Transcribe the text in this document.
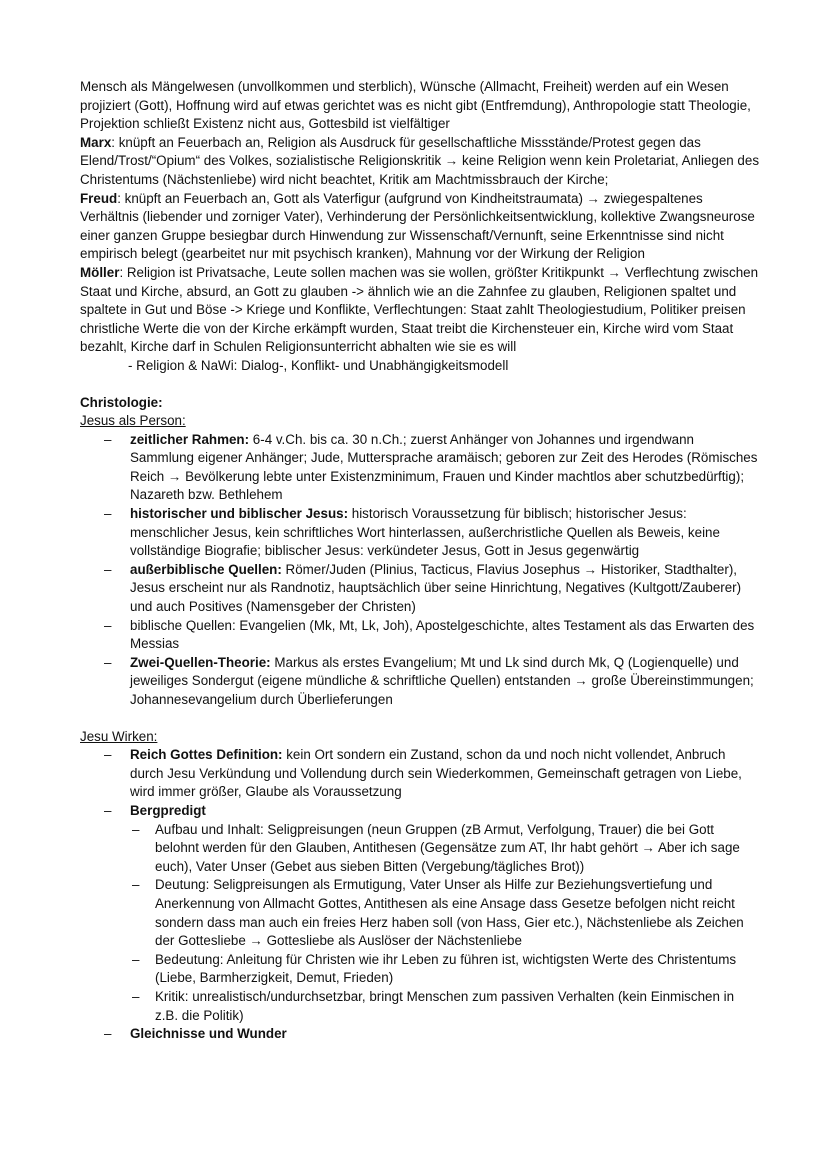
Mensch als Mängelwesen (unvollkommen und sterblich), Wünsche (Allmacht, Freiheit) werden auf ein Wesen projiziert (Gott), Hoffnung wird auf etwas gerichtet was es nicht gibt (Entfremdung), Anthropologie statt Theologie, Projektion schließt Existenz nicht aus, Gottesbild ist vielfältiger

Marx: knüpft an Feuerbach an, Religion als Ausdruck für gesellschaftliche Missstände/Protest gegen das Elend/Trost/“Opium“ des Volkes, sozialistische Religionskritik → keine Religion wenn kein Proletariat, Anliegen des Christentums (Nächstenliebe) wird nicht beachtet, Kritik am Machtmissbrauch der Kirche;

Freud: knüpft an Feuerbach an, Gott als Vaterfigur (aufgrund von Kindheitstraumata) → zwiegespaltenes Verhältnis (liebender und zorniger Vater), Verhinderung der Persönlichkeitsentwicklung, kollektive Zwangsneurose einer ganzen Gruppe besiegbar durch Hinwendung zur Wissenschaft/Vernunft, seine Erkenntnisse sind nicht empirisch belegt (gearbeitet nur mit psychisch kranken), Mahnung vor der Wirkung der Religion

Möller: Religion ist Privatsache, Leute sollen machen was sie wollen, größter Kritikpunkt → Verflechtung zwischen Staat und Kirche, absurd, an Gott zu glauben -> ähnlich wie an die Zahnfee zu glauben, Religionen spaltet und spaltete in Gut und Böse -> Kriege und Konflikte, Verflechtungen: Staat zahlt Theologiestudium, Politiker preisen christliche Werte die von der Kirche erkämpft wurden, Staat treibt die Kirchensteuer ein, Kirche wird vom Staat bezahlt, Kirche darf in Schulen Religionsunterricht abhalten wie sie es will

- Religion & NaWi: Dialog-, Konflikt- und Unabhängigkeitsmodell

Christologie:

Jesus als Person:

– zeitlicher Rahmen: 6-4 v.Ch. bis ca. 30 n.Ch.; zuerst Anhänger von Johannes und irgendwann Sammlung eigener Anhänger; Jude, Muttersprache aramäisch; geboren zur Zeit des Herodes (Römisches Reich → Bevölkerung lebte unter Existenzminimum, Frauen und Kinder machtlos aber schutzbedürftig); Nazareth bzw. Bethlehem
– historischer und biblischer Jesus: historisch Voraussetzung für biblisch; historischer Jesus: menschlicher Jesus, kein schriftliches Wort hinterlassen, außerchristliche Quellen als Beweis, keine vollständige Biografie; biblischer Jesus: verkündeter Jesus, Gott in Jesus gegenwärtig
– außerbiblische Quellen: Römer/Juden (Plinius, Tacticus, Flavius Josephus → Historiker, Stadthalter), Jesus erscheint nur als Randnotiz, hauptsächlich über seine Hinrichtung, Negatives (Kultgott/Zauberer) und auch Positives (Namensgeber der Christen)
– biblische Quellen: Evangelien (Mk, Mt, Lk, Joh), Apostelgeschichte, altes Testament als das Erwarten des Messias
– Zwei-Quellen-Theorie: Markus als erstes Evangelium; Mt und Lk sind durch Mk, Q (Logienquelle) und jeweiliges Sondergut (eigene mündliche & schriftliche Quellen) entstanden → große Übereinstimmungen; Johannesevangelium durch Überlieferungen

Jesu Wirken:

– Reich Gottes Definition: kein Ort sondern ein Zustand, schon da und noch nicht vollendet, Anbruch durch Jesu Verkündung und Vollendung durch sein Wiederkommen, Gemeinschaft getragen von Liebe, wird immer größer, Glaube als Voraussetzung
– Bergpredigt
– Aufbau und Inhalt: Seligpreisungen (neun Gruppen (zB Armut, Verfolgung, Trauer) die bei Gott belohnt werden für den Glauben, Antithesen (Gegensätze zum AT, Ihr habt gehört → Aber ich sage euch), Vater Unser (Gebet aus sieben Bitten (Vergebung/tägliches Brot))
– Deutung: Seligpreisungen als Ermutigung, Vater Unser als Hilfe zur Beziehungsvertiefung und Anerkennung von Allmacht Gottes, Antithesen als eine Ansage dass Gesetze befolgen nicht reicht sondern dass man auch ein freies Herz haben soll (von Hass, Gier etc.), Nächstenliebe als Zeichen der Gottesliebe → Gottesliebe als Auslöser der Nächstenliebe
– Bedeutung: Anleitung für Christen wie ihr Leben zu führen ist, wichtigsten Werte des Christentums (Liebe, Barmherzigkeit, Demut, Frieden)
– Kritik: unrealistisch/undurchsetzbar, bringt Menschen zum passiven Verhalten (kein Einmischen in z.B. die Politik)
– Gleichnisse und Wunder
